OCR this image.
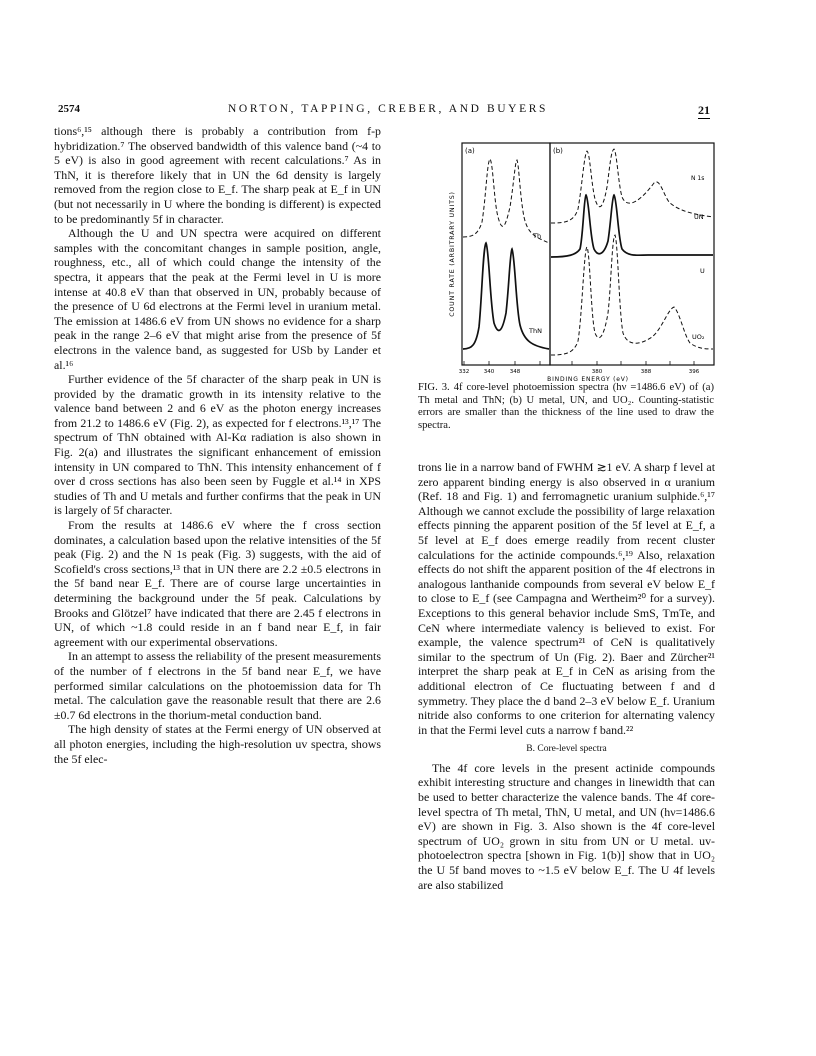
2574	NORTON, TAPPING, CREBER, AND BUYERS	21

tions⁶,¹⁵ although there is probably a contribution from f-p hybridization.⁷ The observed bandwidth of this valence band (~4 to 5 eV) is also in good agreement with recent calculations.⁷ As in ThN, it is therefore likely that in UN the 6d density is largely removed from the region close to E_f. The sharp peak at E_f in UN (but not necessarily in U where the bonding is different) is expected to be predominantly 5f in character.

Although the U and UN spectra were acquired on different samples with the concomitant changes in sample position, angle, roughness, etc., all of which could change the intensity of the spectra, it appears that the peak at the Fermi level in U is more intense at 40.8 eV than that observed in UN, probably because of the presence of U 6d electrons at the Fermi level in uranium metal. The emission at 1486.6 eV from UN shows no evidence for a sharp peak in the range 2–6 eV that might arise from the presence of 5f electrons in the valence band, as suggested for USb by Lander et al.¹⁶

Further evidence of the 5f character of the sharp peak in UN is provided by the dramatic growth in its intensity relative to the valence band between 2 and 6 eV as the photon energy increases from 21.2 to 1486.6 eV (Fig. 2), as expected for f electrons.¹³,¹⁷ The spectrum of ThN obtained with Al-Kα radiation is also shown in Fig. 2(a) and illustrates the significant enhancement of emission intensity in UN compared to ThN. This intensity enhancement of f over d cross sections has also been seen by Fuggle et al.¹⁴ in XPS studies of Th and U metals and further confirms that the peak in UN is largely of 5f character.

From the results at 1486.6 eV where the f cross section dominates, a calculation based upon the relative intensities of the 5f peak (Fig. 2) and the N 1s peak (Fig. 3) suggests, with the aid of Scofield's cross sections,¹³ that in UN there are 2.2 ±0.5 electrons in the 5f band near E_f. There are of course large uncertainties in determining the background under the 5f peak. Calculations by Brooks and Glötzel⁷ have indicated that there are 2.45 f electrons in UN, of which ~1.8 could reside in an f band near E_f, in fair agreement with our experimental observations.

In an attempt to assess the reliability of the present measurements of the number of f electrons in the 5f band near E_f, we have performed similar calculations on the photoemission data for Th metal. The calculation gave the reasonable result that there are 2.6 ±0.7 6d electrons in the thorium-metal conduction band.

The high density of states at the Fermi energy of UN observed at all photon energies, including the high-resolution uv spectra, shows the 5f elec-

(a)	(b)
COUNT RATE (ARBITRARY UNITS)	Th
ThN
N 1s
UN
U
UO₂
332	340	348	380	388	396
BINDING ENERGY (eV)
FIG. 3. 4f core-level photoemission spectra (hν =1486.6 eV) of (a) Th metal and ThN; (b) U metal, UN, and UO₂. Counting-statistic errors are smaller than the thickness of the line used to draw the spectra.

trons lie in a narrow band of FWHM ≳1 eV. A sharp f level at zero apparent binding energy is also observed in α uranium (Ref. 18 and Fig. 1) and ferromagnetic uranium sulphide.⁶,¹⁷ Although we cannot exclude the possibility of large relaxation effects pinning the apparent position of the 5f level at E_f, a 5f level at E_f does emerge readily from recent cluster calculations for the actinide compounds.⁶,¹⁹ Also, relaxation effects do not shift the apparent position of the 4f electrons in analogous lanthanide compounds from several eV below E_f to close to E_f (see Campagna and Wertheim²⁰ for a survey). Exceptions to this general behavior include SmS, TmTe, and CeN where intermediate valency is believed to exist. For example, the valence spectrum²¹ of CeN is qualitatively similar to the spectrum of Un (Fig. 2). Baer and Zürcher²¹ interpret the sharp peak at E_f in CeN as arising from the additional electron of Ce fluctuating between f and d symmetry. They place the d band 2–3 eV below E_f. Uranium nitride also conforms to one criterion for alternating valency in that the Fermi level cuts a narrow f band.²²

B. Core-level spectra

The 4f core levels in the present actinide compounds exhibit interesting structure and changes in linewidth that can be used to better characterize the valence bands. The 4f core-level spectra of Th metal, ThN, U metal, and UN (hν=1486.6 eV) are shown in Fig. 3. Also shown is the 4f core-level spectrum of UO₂ grown in situ from UN or U metal. uv-photoelectron spectra [shown in Fig. 1(b)] show that in UO₂ the U 5f band moves to ~1.5 eV below E_f. The U 4f levels are also stabilized
